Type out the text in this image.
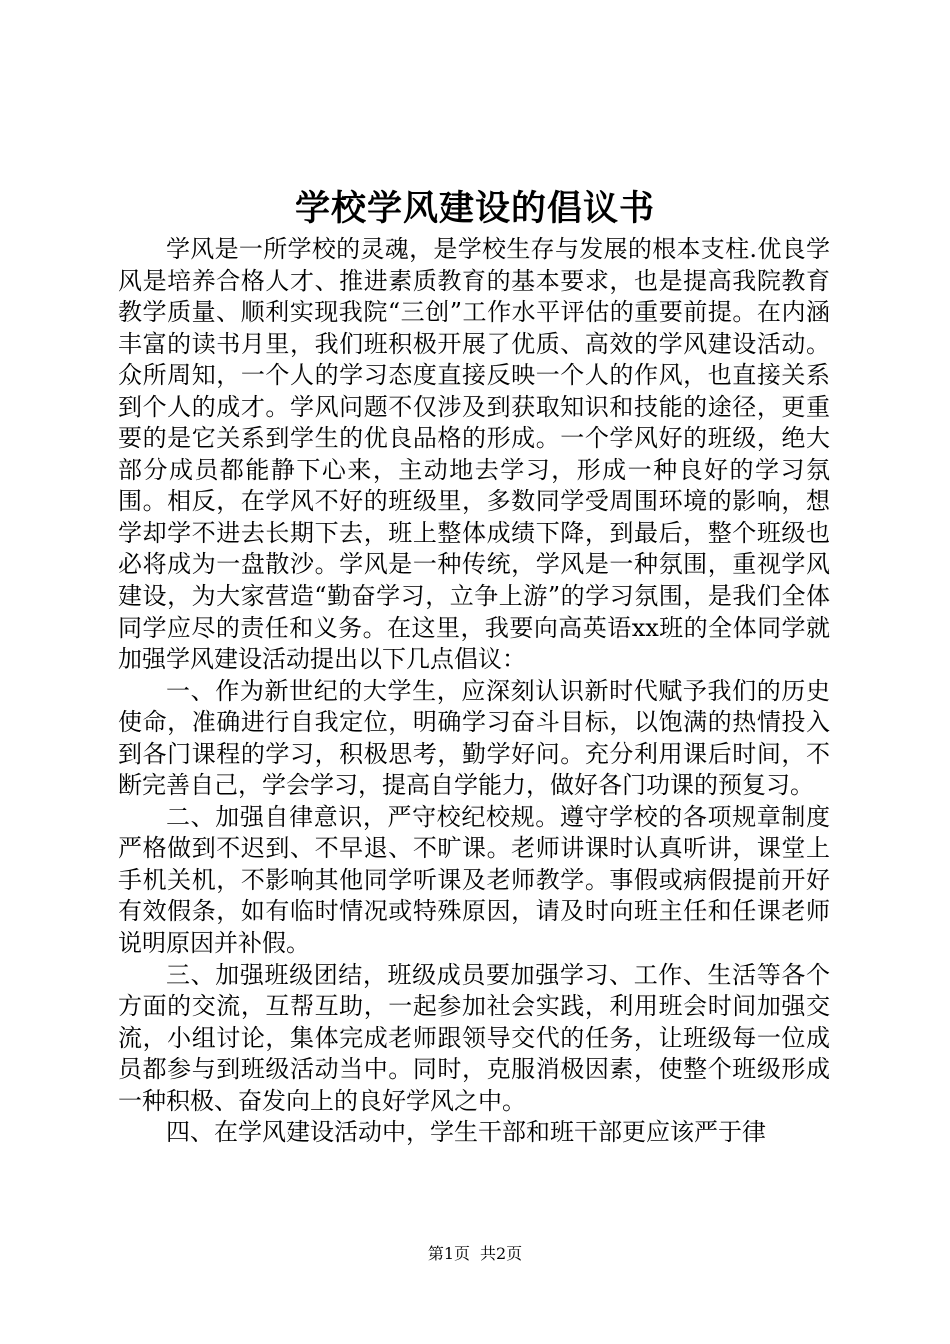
学校学风建设的倡议书

学风是一所学校的灵魂，是学校生存与发展的根本支柱.优良学风是培养合格人才、推进素质教育的基本要求，也是提高我院教育教学质量、顺利实现我院“三创”工作水平评估的重要前提。在内涵丰富的读书月里，我们班积极开展了优质、高效的学风建设活动。众所周知，一个人的学习态度直接反映一个人的作风，也直接关系到个人的成才。学风问题不仅涉及到获取知识和技能的途径，更重要的是它关系到学生的优良品格的形成。一个学风好的班级，绝大部分成员都能静下心来，主动地去学习，形成一种良好的学习氛围。相反，在学风不好的班级里，多数同学受周围环境的影响，想学却学不进去长期下去，班上整体成绩下降，到最后，整个班级也必将成为一盘散沙。学风是一种传统，学风是一种氛围，重视学风建设，为大家营造“勤奋学习，立争上游”的学习氛围，是我们全体同学应尽的责任和义务。在这里，我要向高英语xx班的全体同学就加强学风建设活动提出以下几点倡议：

一、作为新世纪的大学生，应深刻认识新时代赋予我们的历史使命，准确进行自我定位，明确学习奋斗目标，以饱满的热情投入到各门课程的学习，积极思考，勤学好问。充分利用课后时间，不断完善自己，学会学习，提高自学能力，做好各门功课的预复习。

二、加强自律意识，严守校纪校规。遵守学校的各项规章制度严格做到不迟到、不早退、不旷课。老师讲课时认真听讲，课堂上手机关机，不影响其他同学听课及老师教学。事假或病假提前开好有效假条，如有临时情况或特殊原因，请及时向班主任和任课老师说明原因并补假。

三、加强班级团结，班级成员要加强学习、工作、生活等各个方面的交流，互帮互助，一起参加社会实践，利用班会时间加强交流，小组讨论，集体完成老师跟领导交代的任务，让班级每一位成员都参与到班级活动当中。同时，克服消极因素，使整个班级形成一种积极、奋发向上的良好学风之中。

四、在学风建设活动中，学生干部和班干部更应该严于律

第1页 共2页
